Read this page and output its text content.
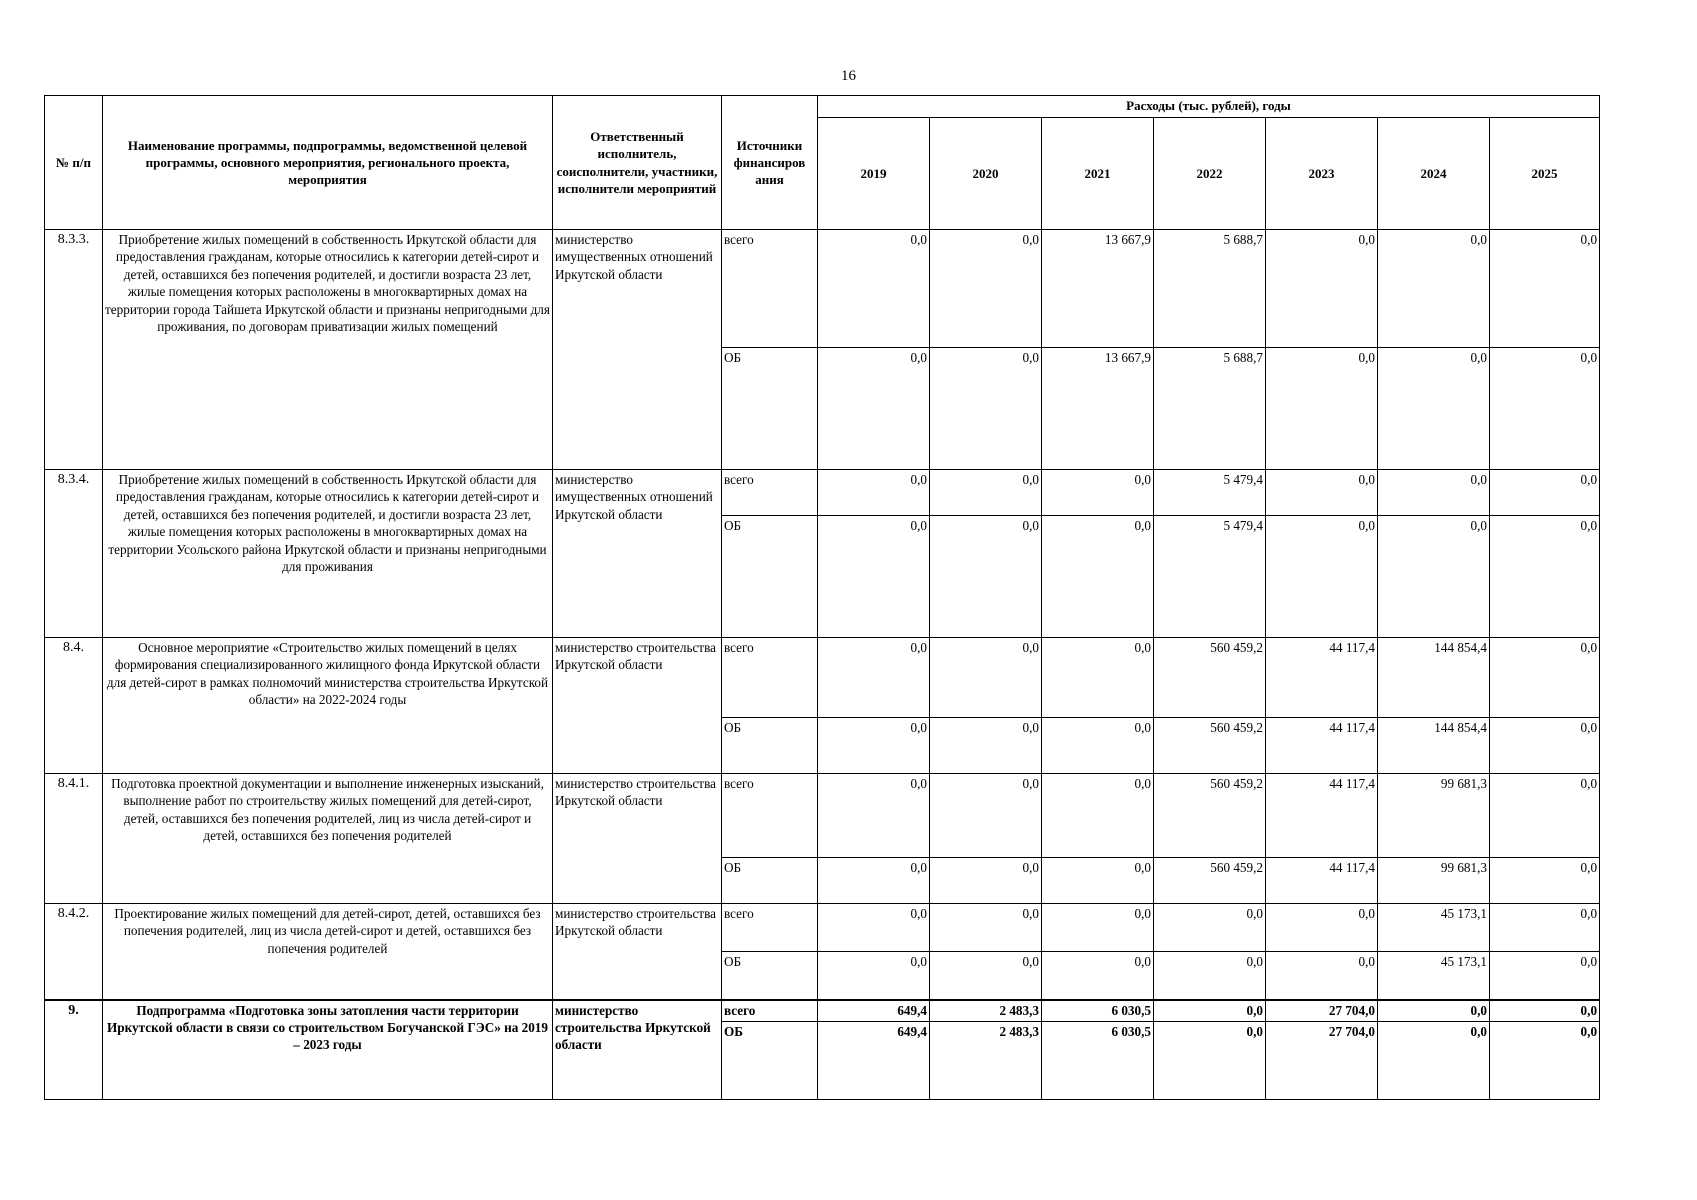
16
№ п/п	Наименование программы, подпрограммы, ведомственной целевой программы, основного мероприятия, регионального проекта, мероприятия	Ответственный исполнитель, соисполнители, участники, исполнители мероприятий	Источники финансиров ания	Расходы (тыс. рублей), годы						
				2019	2020	2021	2022	2023	2024	2025
8.3.3.	Приобретение жилых помещений в собственность Иркутской области для предоставления гражданам, которые относились к категории детей-сирот и детей, оставшихся без попечения родителей, и достигли возраста 23 лет, жилые помещения которых расположены в многоквартирных домах на территории города Тайшета Иркутской области и признаны непригодными для проживания, по договорам приватизации жилых помещений	министерство имущественных отношений Иркутской области	всего	0,0	0,0	13 667,9	5 688,7	0,0	0,0	0,0
			ОБ	0,0	0,0	13 667,9	5 688,7	0,0	0,0	0,0
8.3.4.	Приобретение жилых помещений в собственность Иркутской области для предоставления гражданам, которые относились к категории детей-сирот и детей, оставшихся без попечения родителей, и достигли возраста 23 лет, жилые помещения которых расположены в многоквартирных домах на территории Усольского района Иркутской области и признаны непригодными для проживания	министерство имущественных отношений Иркутской области	всего	0,0	0,0	0,0	5 479,4	0,0	0,0	0,0
			ОБ	0,0	0,0	0,0	5 479,4	0,0	0,0	0,0
8.4.	Основное мероприятие «Строительство жилых помещений в целях формирования специализированного жилищного фонда Иркутской области для детей-сирот в рамках полномочий министерства строительства Иркутской области» на 2022-2024 годы	министерство строительства Иркутской области	всего	0,0	0,0	0,0	560 459,2	44 117,4	144 854,4	0,0
			ОБ	0,0	0,0	0,0	560 459,2	44 117,4	144 854,4	0,0
8.4.1.	Подготовка проектной документации и выполнение инженерных изысканий, выполнение работ по строительству жилых помещений для детей-сирот, детей, оставшихся без попечения родителей, лиц из числа детей-сирот и детей, оставшихся без попечения родителей	министерство строительства Иркутской области	всего	0,0	0,0	0,0	560 459,2	44 117,4	99 681,3	0,0
			ОБ	0,0	0,0	0,0	560 459,2	44 117,4	99 681,3	0,0
8.4.2.	Проектирование жилых помещений для детей-сирот, детей, оставшихся без попечения родителей, лиц из числа детей-сирот и детей, оставшихся без попечения родителей	министерство строительства Иркутской области	всего	0,0	0,0	0,0	0,0	0,0	45 173,1	0,0
			ОБ	0,0	0,0	0,0	0,0	0,0	45 173,1	0,0
9.	Подпрограмма «Подготовка зоны затопления части территории Иркутской области в связи со строительством Богучанской ГЭС» на 2019 – 2023 годы	министерство строительства Иркутской области	всего	649,4	2 483,3	6 030,5	0,0	27 704,0	0,0	0,0
			ОБ	649,4	2 483,3	6 030,5	0,0	27 704,0	0,0	0,0
